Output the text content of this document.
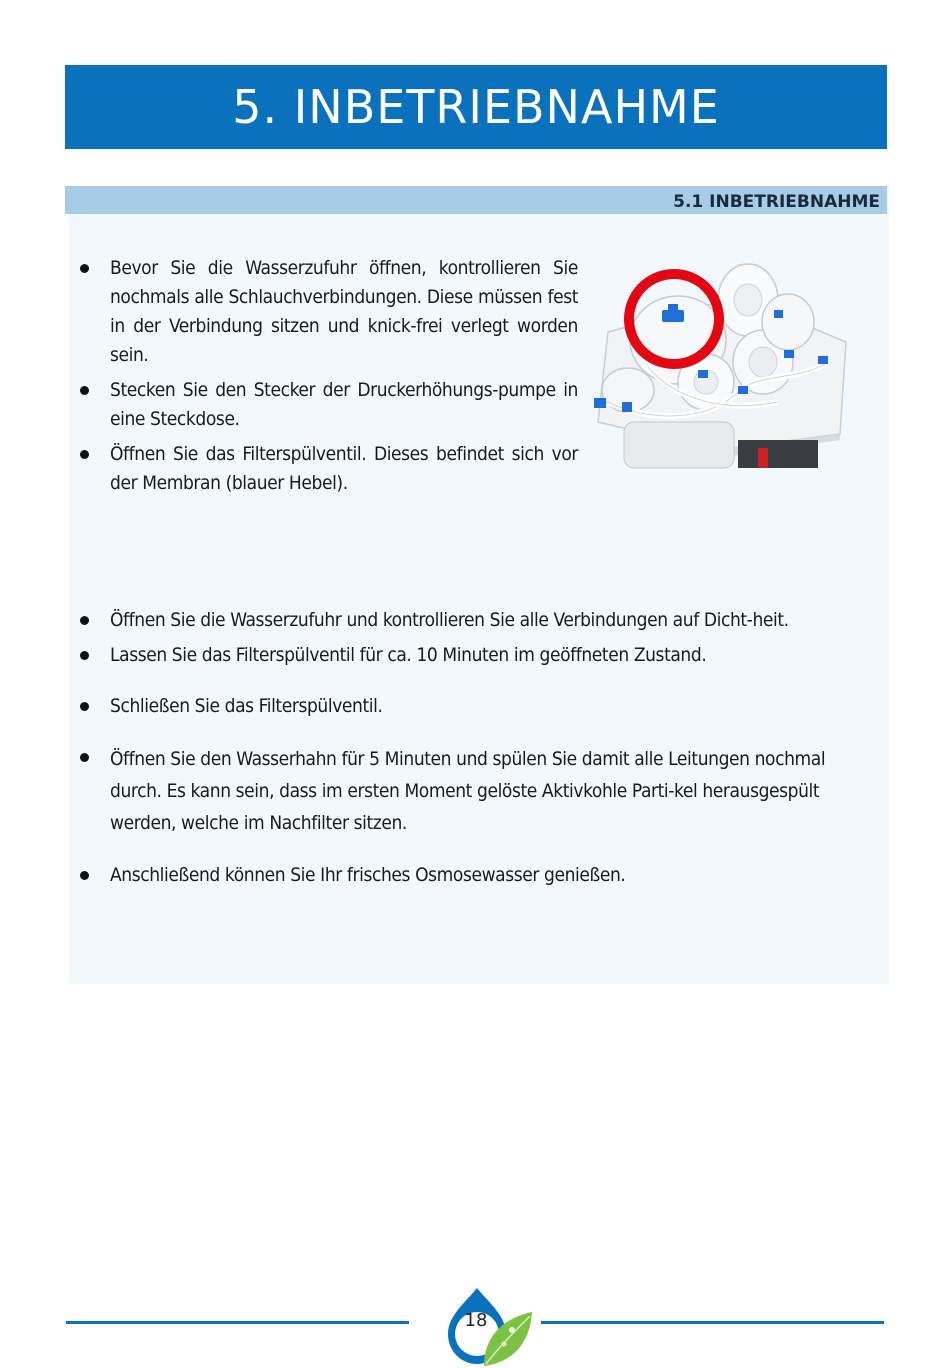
5. INBETRIEBNAHME
5.1 INBETRIEBNAHME
Bevor Sie die Wasserzufuhr öffnen, kontrollieren Sie nochmals alle Schlauchverbindungen. Diese müssen fest in der Verbindung sitzen und knick-frei verlegt worden sein.
Stecken Sie den Stecker der Druckerhöhungs-pumpe in eine Steckdose.
Öffnen Sie das Filterspülventil. Dieses befindet sich vor der Membran (blauer Hebel).
Öffnen Sie die Wasserzufuhr und kontrollieren Sie alle Verbindungen auf Dicht-heit.
Lassen Sie das Filterspülventil für ca. 10 Minuten im geöffneten Zustand.
Schließen Sie das Filterspülventil.
Öffnen Sie den Wasserhahn für 5 Minuten und spülen Sie damit alle Leitungen nochmal durch. Es kann sein, dass im ersten Moment gelöste Aktivkohle Parti-kel herausgespült werden, welche im Nachfilter sitzen.
Anschließend können Sie Ihr frisches Osmosewasser genießen.
18
